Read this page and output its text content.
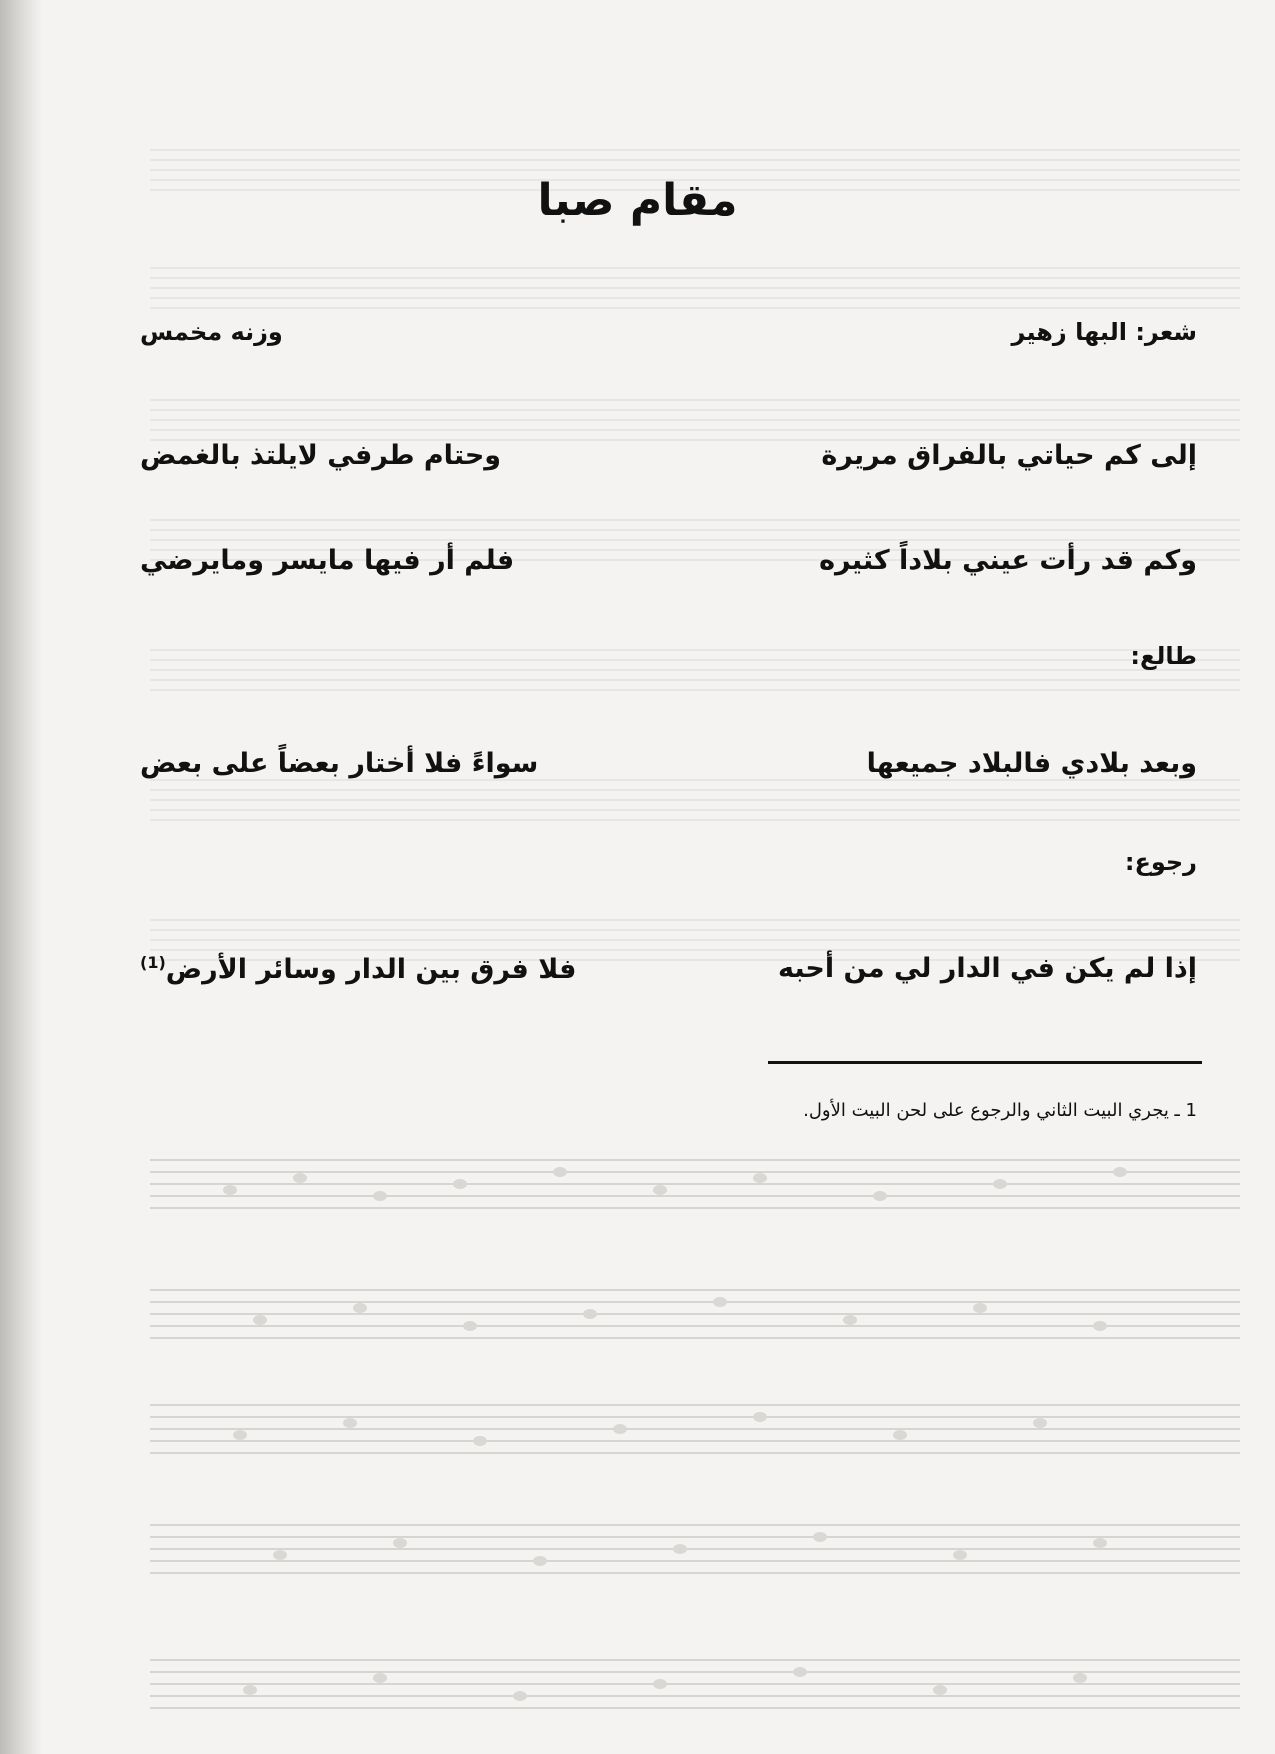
مقام صبا
شعر: البها زهير
وزنه مخمس
إلى كم حياتي بالفراق مريرة
وحتام طرفي لايلتذ بالغمض
وكم قد رأت عيني بلاداً كثيره
فلم أر فيها مايسر ومايرضي
طالع:
وبعد بلادي فالبلاد جميعها
سواءً فلا أختار بعضاً على بعض
رجوع:
إذا لم يكن في الدار لي من أحبه
فلا فرق بين الدار وسائر الأرض$^{(1)}$
1 ـ يجري البيت الثاني والرجوع على لحن البيت الأول.
